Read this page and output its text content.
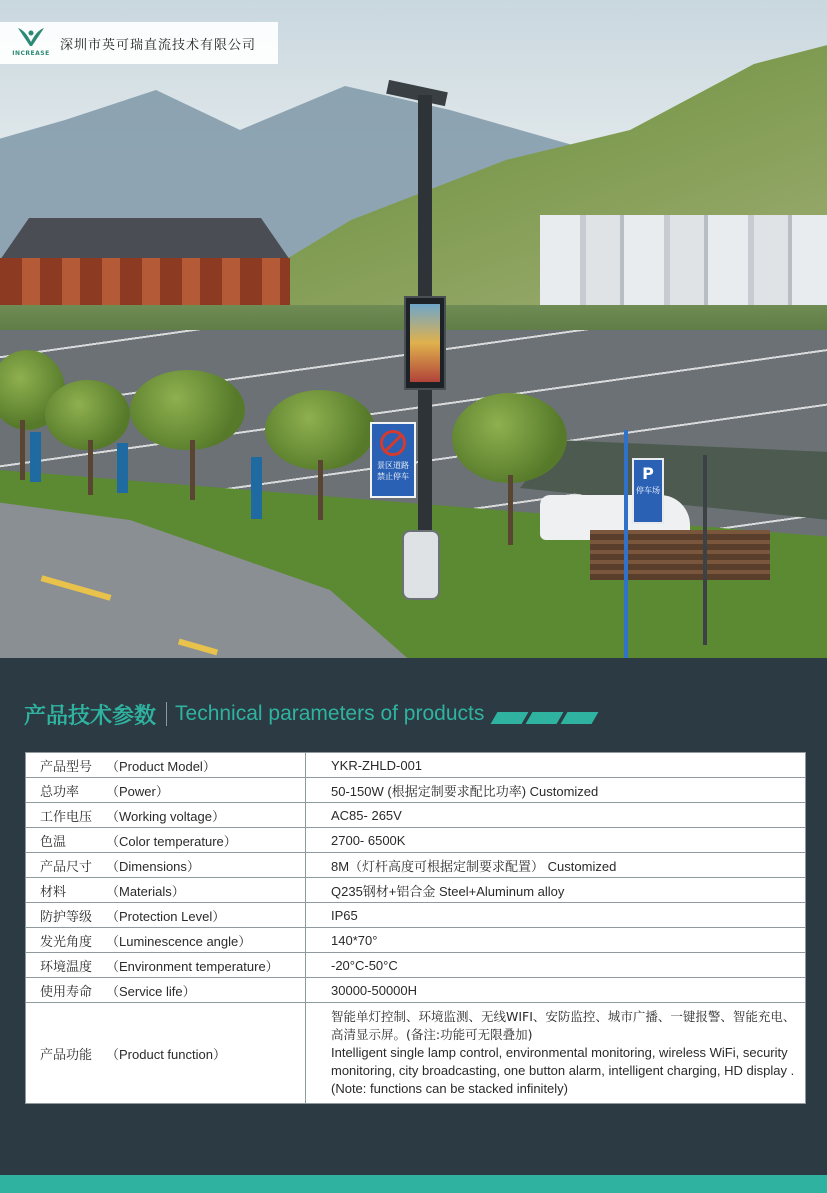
P
停车场
景区道路 禁止停车
INCREASE
深圳市英可瑞直流技术有限公司
产品技术参数 Technical parameters of products
产品型号 （Product Model）	YKR-ZHLD-001
总功率 （Power）	50-150W (根据定制要求配比功率) Customized
工作电压 （Working voltage）	AC85- 265V
色温 （Color temperature）	2700- 6500K
产品尺寸 （Dimensions）	8M（灯杆高度可根据定制要求配置） Customized
材料 （Materials）	Q235钢材+铝合金 Steel+Aluminum alloy
防护等级 （Protection Level）	IP65
发光角度 （Luminescence angle）	140*70°
环境温度 （Environment temperature）	-20°C-50°C
使用寿命 （Service life）	30000-50000H
产品功能 （Product function）	智能单灯控制、环境监测、无线WIFI、安防监控、城市广播、一键报警、智能充电、高清显示屏。(备注:功能可无限叠加)
Intelligent single lamp control, environmental monitoring, wireless WiFi, security monitoring, city broadcasting, one button alarm, intelligent charging, HD display . (Note: functions can be stacked infinitely)
